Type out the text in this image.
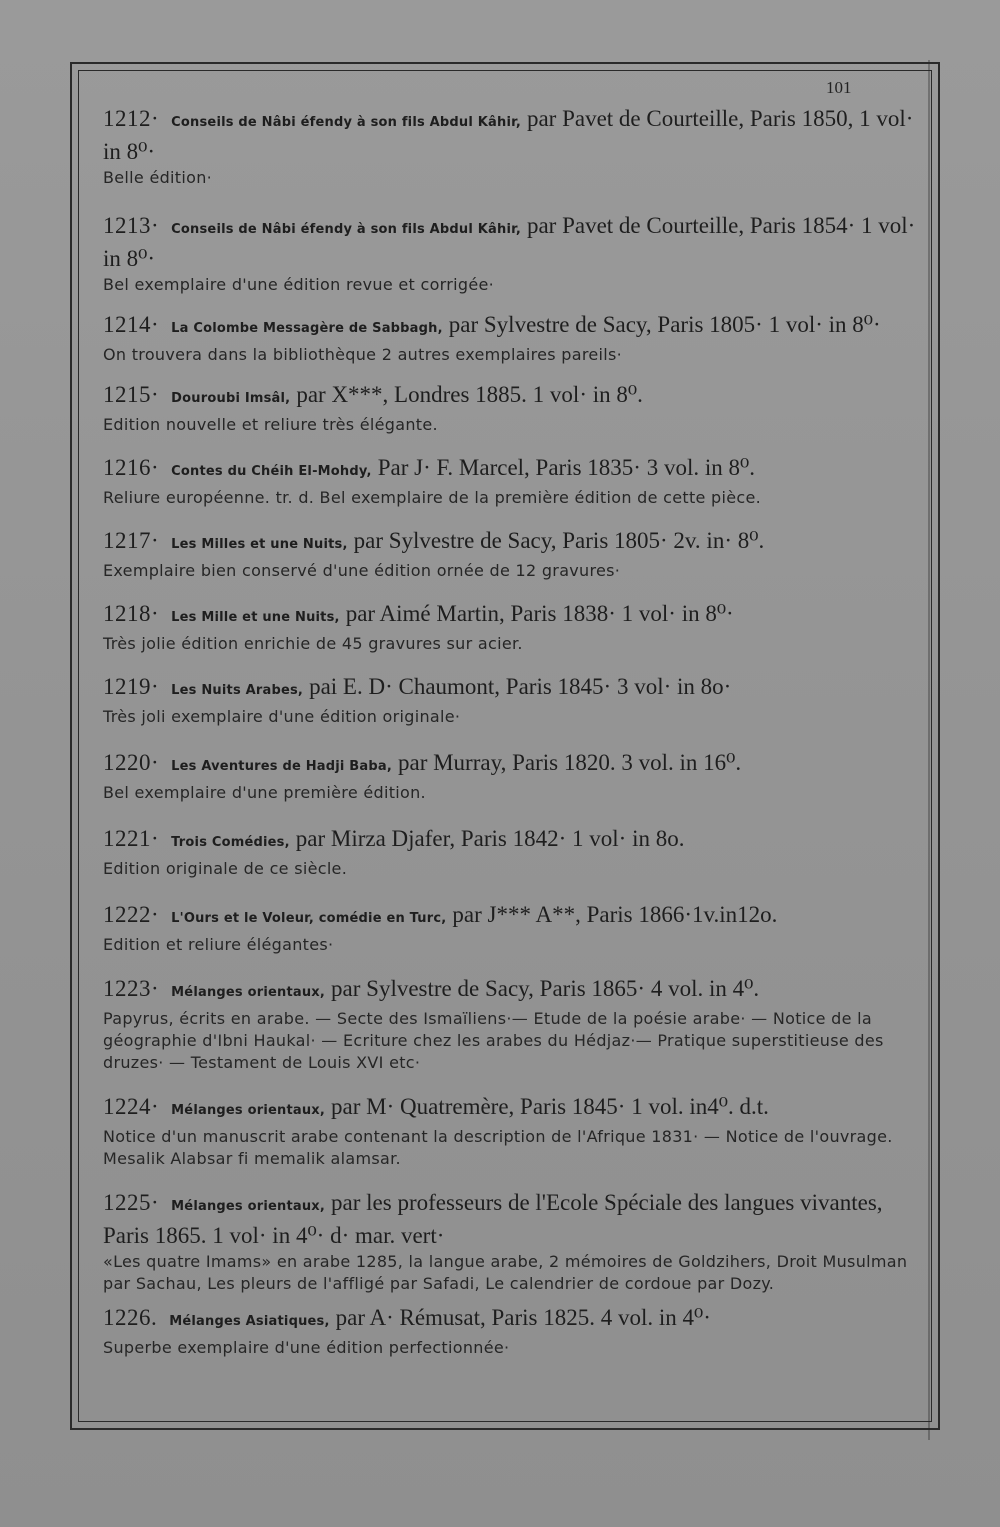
101

1212· Conseils de Nâbi éfendy à son fils Abdul Kâhir, par Pavet de Courteille, Paris 1850, 1 vol· in 8⁰·

Belle édition·

1213· Conseils de Nâbi éfendy à son fils Abdul Kâhir, par Pavet de Courteille, Paris 1854· 1 vol· in 8⁰·

Bel exemplaire d'une édition revue et corrigée·

1214· La Colombe Messagère de Sabbagh, par Sylvestre de Sacy, Paris 1805· 1 vol· in 8⁰·

On trouvera dans la bibliothèque 2 autres exemplaires pareils·

1215· Douroubi Imsâl, par X***, Londres 1885. 1 vol· in 8⁰.

Edition nouvelle et reliure très élégante.

1216· Contes du Chéih El-Mohdy, Par J· F. Marcel, Paris 1835· 3 vol. in 8⁰.

Reliure européenne. tr. d. Bel exemplaire de la première édition de cette pièce.

1217· Les Milles et une Nuits, par Sylvestre de Sacy, Paris 1805· 2v. in· 8⁰.

Exemplaire bien conservé d'une édition ornée de 12 gravures·

1218· Les Mille et une Nuits, par Aimé Martin, Paris 1838· 1 vol· in 8⁰·

Très jolie édition enrichie de 45 gravures sur acier.

1219· Les Nuits Arabes, pai E. D· Chaumont, Paris 1845· 3 vol· in 8o·

Très joli exemplaire d'une édition originale·

1220· Les Aventures de Hadji Baba, par Murray, Paris 1820. 3 vol. in 16⁰.

Bel exemplaire d'une première édition.

1221· Trois Comédies, par Mirza Djafer, Paris 1842· 1 vol· in 8o.

Edition originale de ce siècle.

1222· L'Ours et le Voleur, comédie en Turc, par J*** A**, Paris 1866·1v.in12o.

Edition et reliure élégantes·

1223· Mélanges orientaux, par Sylvestre de Sacy, Paris 1865· 4 vol. in 4⁰.

Papyrus, écrits en arabe. — Secte des Ismaïliens·— Etude de la poésie arabe· — Notice de la géographie d'Ibni Haukal· — Ecriture chez les arabes du Hédjaz·— Pratique superstitieuse des druzes· — Testament de Louis XVI etc·

1224· Mélanges orientaux, par M· Quatremère, Paris 1845· 1 vol. in4⁰. d.t.

Notice d'un manuscrit arabe contenant la description de l'Afrique 1831· — Notice de l'ouvrage. Mesalik Alabsar fi memalik alamsar.

1225· Mélanges orientaux, par les professeurs de l'Ecole Spéciale des langues vivantes, Paris 1865. 1 vol· in 4⁰· d· mar. vert·

«Les quatre Imams» en arabe 1285, la langue arabe, 2 mémoires de Goldzihers, Droit Musulman par Sachau, Les pleurs de l'affligé par Safadi, Le calendrier de cordoue par Dozy.

1226. Mélanges Asiatiques, par A· Rémusat, Paris 1825. 4 vol. in 4⁰·

Superbe exemplaire d'une édition perfectionnée·
